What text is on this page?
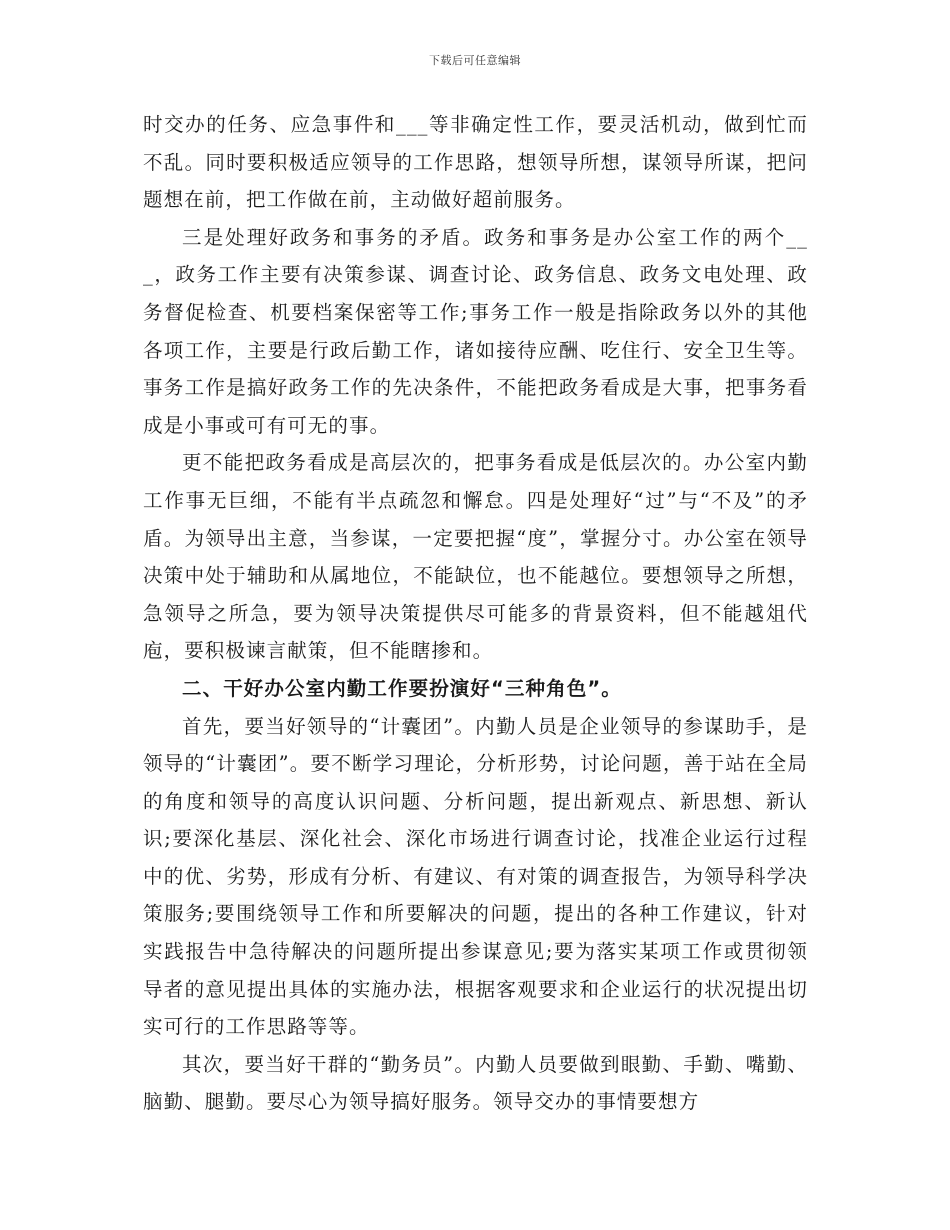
下载后可任意编辑

时交办的任务、应急事件和___等非确定性工作，要灵活机动，做到忙而不乱。同时要积极适应领导的工作思路，想领导所想，谋领导所谋，把问题想在前，把工作做在前，主动做好超前服务。

三是处理好政务和事务的矛盾。政务和事务是办公室工作的两个___，政务工作主要有决策参谋、调查讨论、政务信息、政务文电处理、政务督促检查、机要档案保密等工作;事务工作一般是指除政务以外的其他各项工作，主要是行政后勤工作，诸如接待应酬、吃住行、安全卫生等。事务工作是搞好政务工作的先决条件，不能把政务看成是大事，把事务看成是小事或可有可无的事。

更不能把政务看成是高层次的，把事务看成是低层次的。办公室内勤工作事无巨细，不能有半点疏忽和懈怠。四是处理好“过”与“不及”的矛盾。为领导出主意，当参谋，一定要把握“度”，掌握分寸。办公室在领导决策中处于辅助和从属地位，不能缺位，也不能越位。要想领导之所想，急领导之所急，要为领导决策提供尽可能多的背景资料，但不能越俎代庖，要积极谏言献策，但不能瞎掺和。

二、干好办公室内勤工作要扮演好“三种角色”。

首先，要当好领导的“计囊团”。内勤人员是企业领导的参谋助手，是领导的“计囊团”。要不断学习理论，分析形势，讨论问题，善于站在全局的角度和领导的高度认识问题、分析问题，提出新观点、新思想、新认识;要深化基层、深化社会、深化市场进行调查讨论，找准企业运行过程中的优、劣势，形成有分析、有建议、有对策的调查报告，为领导科学决策服务;要围绕领导工作和所要解决的问题，提出的各种工作建议，针对实践报告中急待解决的问题所提出参谋意见;要为落实某项工作或贯彻领导者的意见提出具体的实施办法，根据客观要求和企业运行的状况提出切实可行的工作思路等等。

其次，要当好干群的“勤务员”。内勤人员要做到眼勤、手勤、嘴勤、脑勤、腿勤。要尽心为领导搞好服务。领导交办的事情要想方
